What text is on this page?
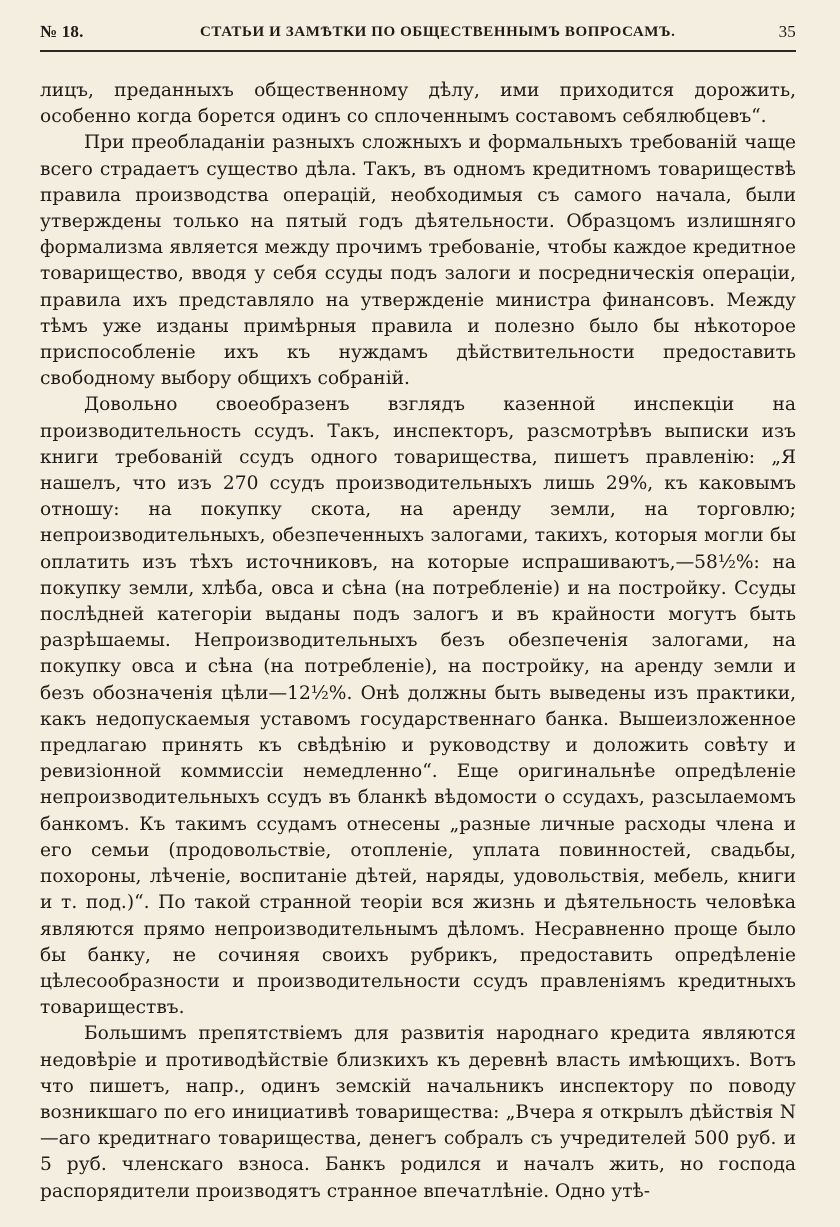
№ 18.	СТАТЬИ И ЗАМѢТКИ ПО ОБЩЕСТВЕННЫМЪ ВОПРОСАМЪ.	35

лицъ, преданныхъ общественному дѣлу, ими приходится дорожить, особенно когда борется одинъ со сплоченнымъ составомъ себялюбцевъ“.

При преобладаніи разныхъ сложныхъ и формальныхъ требованій чаще всего страдаетъ существо дѣла. Такъ, въ одномъ кредитномъ товариществѣ правила производства операцій, необходимыя съ самого начала, были утверждены только на пятый годъ дѣятельности. Образцомъ излишняго формализма является между прочимъ требованіе, чтобы каждое кредитное товарищество, вводя у себя ссуды подъ залоги и посредническія операціи, правила ихъ представляло на утвержденіе министра финансовъ. Между тѣмъ уже изданы примѣрныя правила и полезно было бы нѣкоторое приспособленіе ихъ къ нуждамъ дѣйствительности предоставить свободному выбору общихъ собраній.

Довольно своеобразенъ взглядъ казенной инспекціи на производительность ссудъ. Такъ, инспекторъ, разсмотрѣвъ выписки изъ книги требованій ссудъ одного товарищества, пишетъ правленію: „Я нашелъ, что изъ 270 ссудъ производительныхъ лишь 29%, къ каковымъ отношу: на покупку скота, на аренду земли, на торговлю; непроизводительныхъ, обезпеченныхъ залогами, такихъ, которыя могли бы оплатить изъ тѣхъ источниковъ, на которые испрашиваютъ,—58½%: на покупку земли, хлѣба, овса и сѣна (на потребленіе) и на постройку. Ссуды послѣдней категоріи выданы подъ залогъ и въ крайности могутъ быть разрѣшаемы. Непроизводительныхъ безъ обезпеченія залогами, на покупку овса и сѣна (на потребленіе), на постройку, на аренду земли и безъ обозначенія цѣли—12½%. Онѣ должны быть выведены изъ практики, какъ недопускаемыя уставомъ государственнаго банка. Вышеизложенное предлагаю принять къ свѣдѣнію и руководству и доложить совѣту и ревизіонной коммиссіи немедленно“. Еще оригинальнѣе опредѣленіе непроизводительныхъ ссудъ въ бланкѣ вѣдомости о ссудахъ, разсылаемомъ банкомъ. Къ такимъ ссудамъ отнесены „разные личные расходы члена и его семьи (продовольствіе, отопленіе, уплата повинностей, свадьбы, похороны, лѣченіе, воспитаніе дѣтей, наряды, удовольствія, мебель, книги и т. под.)“. По такой странной теоріи вся жизнь и дѣятельность человѣка являются прямо непроизводительнымъ дѣломъ. Несравненно проще было бы банку, не сочиняя своихъ рубрикъ, предоставить опредѣленіе цѣлесообразности и производительности ссудъ правленіямъ кредитныхъ товариществъ.

Большимъ препятствіемъ для развитія народнаго кредита являются недовѣріе и противодѣйствіе близкихъ къ деревнѣ власть имѣющихъ. Вотъ что пишетъ, напр., одинъ земскій начальникъ инспектору по поводу возникшаго по его инициативѣ товарищества: „Вчера я открылъ дѣйствія N—аго кредитнаго товарищества, денегъ собралъ съ учредителей 500 руб. и 5 руб. членскаго взноса. Банкъ родился и началъ жить, но господа распорядители производятъ странное впечатлѣніе. Одно утѣ-
